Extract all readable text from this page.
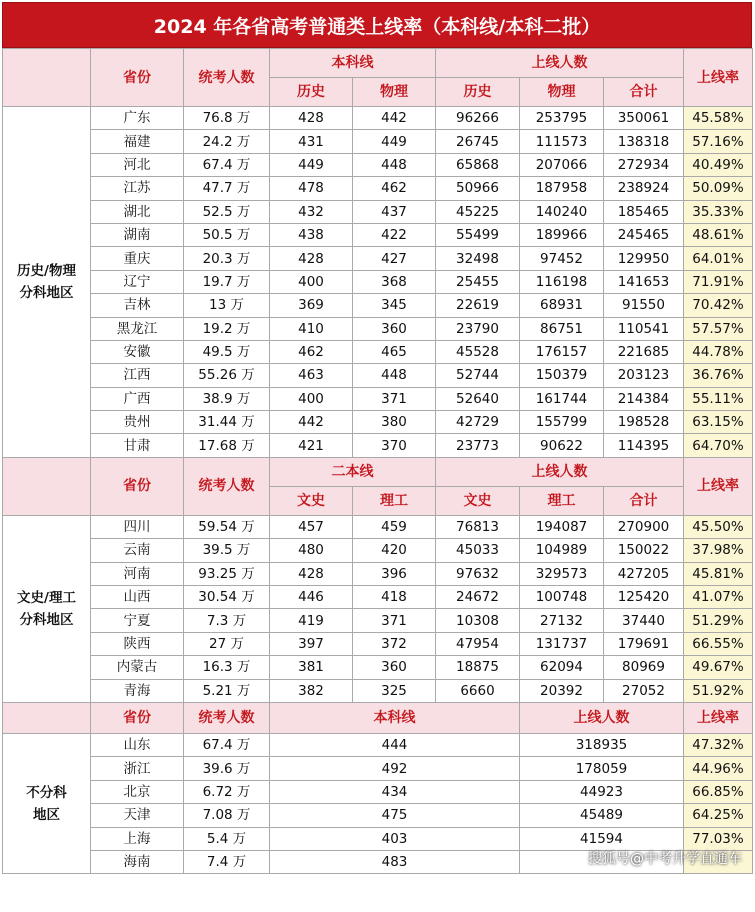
2024 年各省高考普通类上线率（本科线/本科二批）
	省份	统考人数	本科线		上线人数			上线率
			历史	物理	历史	物理	合计	
历史/物理
分科地区	广东	76.8 万	428	442	96266	253795	350061	45.58%
	福建	24.2 万	431	449	26745	111573	138318	57.16%
	河北	67.4 万	449	448	65868	207066	272934	40.49%
	江苏	47.7 万	478	462	50966	187958	238924	50.09%
	湖北	52.5 万	432	437	45225	140240	185465	35.33%
	湖南	50.5 万	438	422	55499	189966	245465	48.61%
	重庆	20.3 万	428	427	32498	97452	129950	64.01%
	辽宁	19.7 万	400	368	25455	116198	141653	71.91%
	吉林	13 万	369	345	22619	68931	91550	70.42%
	黑龙江	19.2 万	410	360	23790	86751	110541	57.57%
	安徽	49.5 万	462	465	45528	176157	221685	44.78%
	江西	55.26 万	463	448	52744	150379	203123	36.76%
	广西	38.9 万	400	371	52640	161744	214384	55.11%
	贵州	31.44 万	442	380	42729	155799	198528	63.15%
	甘肃	17.68 万	421	370	23773	90622	114395	64.70%
	省份	统考人数	二本线		上线人数			上线率
			文史	理工	文史	理工	合计	
文史/理工
分科地区	四川	59.54 万	457	459	76813	194087	270900	45.50%
	云南	39.5 万	480	420	45033	104989	150022	37.98%
	河南	93.25 万	428	396	97632	329573	427205	45.81%
	山西	30.54 万	446	418	24672	100748	125420	41.07%
	宁夏	7.3 万	419	371	10308	27132	37440	51.29%
	陕西	27 万	397	372	47954	131737	179691	66.55%
	内蒙古	16.3 万	381	360	18875	62094	80969	49.67%
	青海	5.21 万	382	325	6660	20392	27052	51.92%
	省份	统考人数	本科线			上线人数		上线率
不分科
地区	山东	67.4 万	444			318935		47.32%
	浙江	39.6 万	492			178059		44.96%
	北京	6.72 万	434			44923		66.85%
	天津	7.08 万	475			45489		64.25%
	上海	5.4 万	403			41594		77.03%
	海南	7.4 万	483						搜狐号@中考升学直通车
